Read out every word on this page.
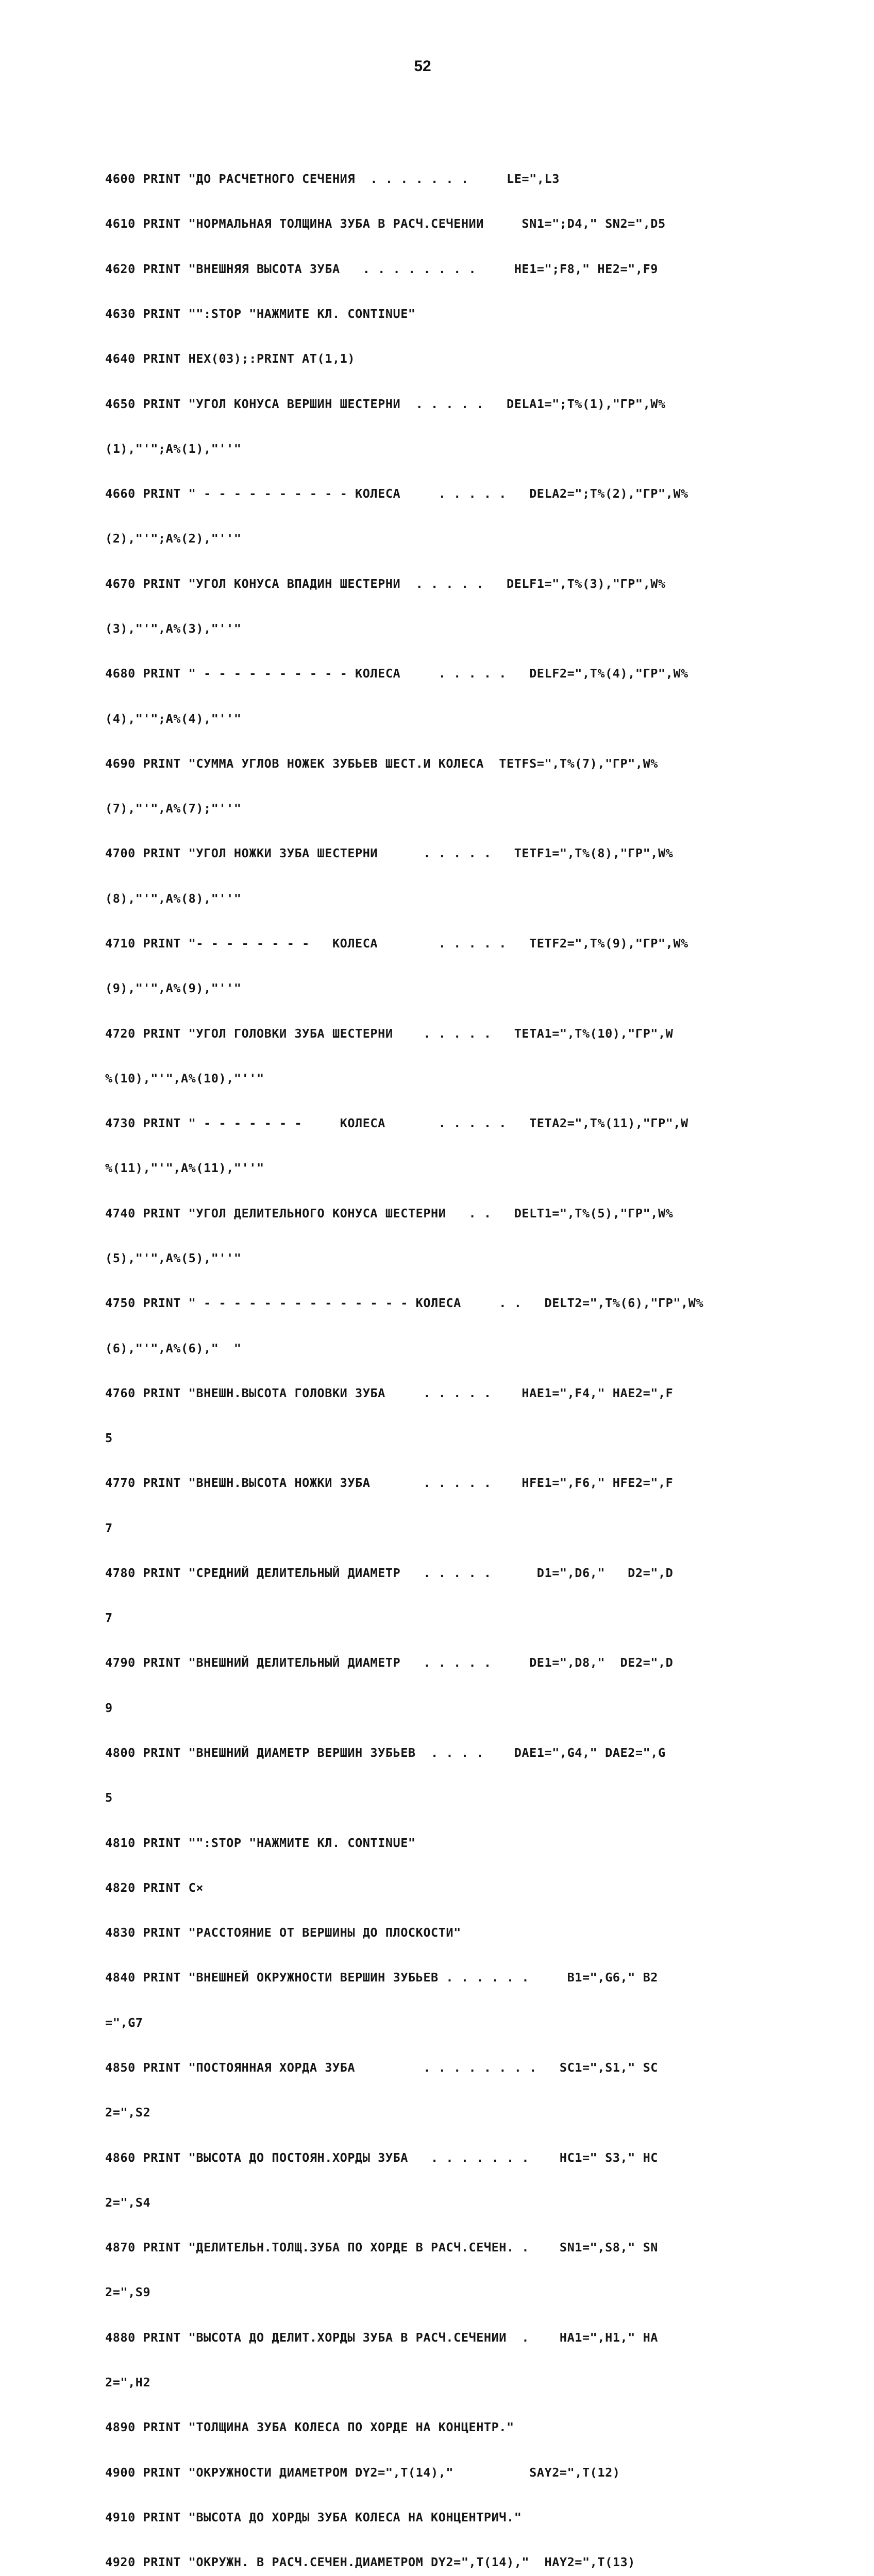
52

4600 PRINT "ДО РАСЧЕТНОГО СЕЧЕНИЯ  . . . . . . .     LE=",L3

4610 PRINT "НОРМАЛЬНАЯ ТОЛЩИНА ЗУБА В РАСЧ.СЕЧЕНИИ     SN1=";D4," SN2=",D5

4620 PRINT "ВНЕШНЯЯ ВЫСОТА ЗУБА   . . . . . . . .     HE1=";F8," HE2=",F9

4630 PRINT "":STOP "НАЖМИТЕ КЛ. CONTINUE"

4640 PRINT HEX(03);:PRINT AT(1,1)

4650 PRINT "УГОЛ КОНУСА ВЕРШИН ШЕСТЕРНИ  . . . . .   DELA1=";T%(1),"ГР",W%

(1),"'";A%(1),"''"

4660 PRINT " - - - - - - - - - - КОЛЕСА     . . . . .   DELA2=";T%(2),"ГР",W%

(2),"'";A%(2),"''"

4670 PRINT "УГОЛ КОНУСА ВПАДИН ШЕСТЕРНИ  . . . . .   DELF1=",T%(3),"ГР",W%

(3),"'",A%(3),"''"

4680 PRINT " - - - - - - - - - - КОЛЕСА     . . . . .   DELF2=",T%(4),"ГР",W%

(4),"'";A%(4),"''"

4690 PRINT "СУММА УГЛОВ НОЖЕК ЗУБЬЕВ ШЕСТ.И КОЛЕСА  TETFS=",T%(7),"ГР",W%

(7),"'",A%(7);"''"

4700 PRINT "УГОЛ НОЖКИ ЗУБА ШЕСТЕРНИ      . . . . .   TETF1=",T%(8),"ГР",W%

(8),"'",A%(8),"''"

4710 PRINT "- - - - - - - -   КОЛЕСА        . . . . .   TETF2=",T%(9),"ГР",W%

(9),"'",A%(9),"''"

4720 PRINT "УГОЛ ГОЛОВКИ ЗУБА ШЕСТЕРНИ    . . . . .   TETA1=",T%(10),"ГР",W

%(10),"'",A%(10),"''"

4730 PRINT " - - - - - - -     КОЛЕСА       . . . . .   TETA2=",T%(11),"ГР",W

%(11),"'",A%(11),"''"

4740 PRINT "УГОЛ ДЕЛИТЕЛЬНОГО КОНУСА ШЕСТЕРНИ   . .   DELT1=",T%(5),"ГР",W%

(5),"'",A%(5),"''"

4750 PRINT " - - - - - - - - - - - - - - КОЛЕСА     . .   DELT2=",T%(6),"ГР",W%

(6),"'",A%(6),"  "

4760 PRINT "ВНЕШН.ВЫСОТА ГОЛОВКИ ЗУБА     . . . . .    HAE1=",F4," HAE2=",F

5

4770 PRINT "ВНЕШН.ВЫСОТА НОЖКИ ЗУБА       . . . . .    HFE1=",F6," HFE2=",F

7

4780 PRINT "СРЕДНИЙ ДЕЛИТЕЛЬНЫЙ ДИАМЕТР   . . . . .      D1=",D6,"   D2=",D

7

4790 PRINT "ВНЕШНИЙ ДЕЛИТЕЛЬНЫЙ ДИАМЕТР   . . . . .     DE1=",D8,"  DE2=",D

9

4800 PRINT "ВНЕШНИЙ ДИАМЕТР ВЕРШИН ЗУБЬЕВ  . . . .    DAE1=",G4," DAE2=",G

5

4810 PRINT "":STOP "НАЖМИТЕ КЛ. CONTINUE"

4820 PRINT C×

4830 PRINT "РАССТОЯНИЕ ОТ ВЕРШИНЫ ДО ПЛОСКОСТИ"

4840 PRINT "ВНЕШНЕЙ ОКРУЖНОСТИ ВЕРШИН ЗУБЬЕВ . . . . . .     B1=",G6," B2

=",G7

4850 PRINT "ПОСТОЯННАЯ ХОРДА ЗУБА         . . . . . . . .   SC1=",S1," SC

2=",S2

4860 PRINT "ВЫСОТА ДО ПОСТОЯН.ХОРДЫ ЗУБА   . . . . . . .    HC1=" S3," HC

2=",S4

4870 PRINT "ДЕЛИТЕЛЬН.ТОЛЩ.ЗУБА ПО ХОРДЕ В РАСЧ.СЕЧЕН. .    SN1=",S8," SN

2=",S9

4880 PRINT "ВЫСОТА ДО ДЕЛИТ.ХОРДЫ ЗУБА В РАСЧ.СЕЧЕНИИ  .    HA1=",H1," HA

2=",H2

4890 PRINT "ТОЛЩИНА ЗУБА КОЛЕСА ПО ХОРДЕ НА КОНЦЕНТР."

4900 PRINT "ОКРУЖНОСТИ ДИАМЕТРОМ DY2=",T(14),"          SAY2=",T(12)

4910 PRINT "ВЫСОТА ДО ХОРДЫ ЗУБА КОЛЕСА НА КОНЦЕНТРИЧ."

4920 PRINT "ОКРУЖН. В РАСЧ.СЕЧЕН.ДИАМЕТРОМ DY2=",T(14),"  HAY2=",T(13)
